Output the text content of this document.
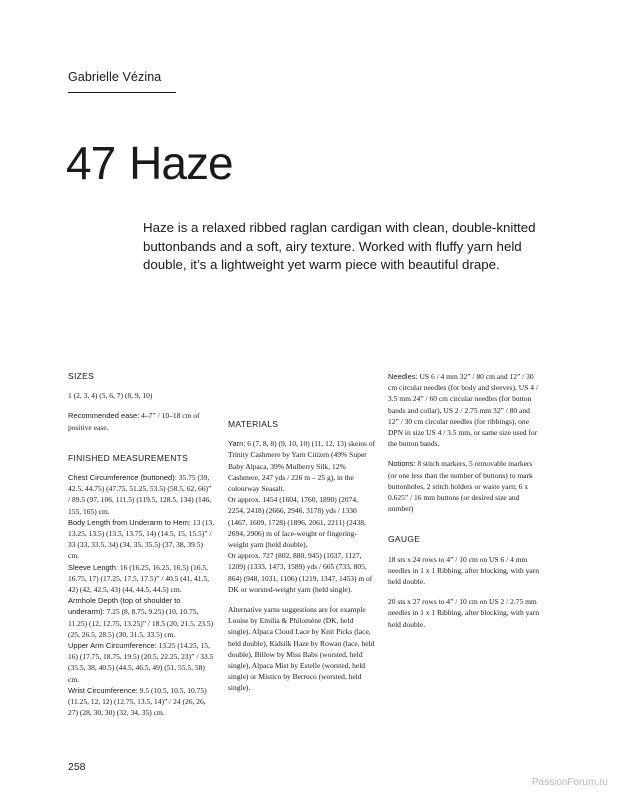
Gabrielle Vézina
47 Haze

Haze is a relaxed ribbed raglan cardigan with clean, double-knitted buttonbands and a soft, airy texture. Worked with fluffy yarn held double, it’s a lightweight yet warm piece with beautiful drape.

SIZES

1 (2, 3, 4) (5, 6, 7) (8, 9, 10)

Recommended ease: 4–7” / 10–18 cm of positive ease.

FINISHED MEASUREMENTS

Chest Circumference (buttoned): 35.75 (39, 42.5, 44.75) (47.75, 51.25, 53.5) (58.5, 62, 66)” / 89.5 (97, 106, 111.5) (119.5, 128.5, 134) (146, 155, 165) cm.

Body Length from Underarm to Hem: 13 (13, 13.25, 13.5) (13.5, 13.75, 14) (14.5, 15, 15.5)” / 33 (33, 33.5, 34) (34, 35, 35.5) (37, 38, 39.5) cm.

Sleeve Length: 16 (16.25, 16.25, 16.5) (16.5, 16.75, 17) (17.25, 17.5, 17.5)” / 40.5 (41, 41.5, 42) (42, 42.5, 43) (44, 44.5, 44.5) cm.

Armhole Depth (top of shoulder to underarm): 7.25 (8, 8.75, 9.25) (10, 10.75, 11.25) (12, 12.75, 13.25)” / 18.5 (20, 21.5, 23.5) (25, 26.5, 28.5) (30, 31.5, 33.5) cm.

Upper Arm Circumference: 13.25 (14.25, 15, 16) (17.75, 18.75, 19.5) (20.5, 22.25, 23)” / 33.5 (35.5, 38, 40.5) (44.5, 46.5, 49) (51, 55.5, 58) cm.

Wrist Circumference: 9.5 (10.5, 10.5, 10.75) (11.25, 12, 12) (12.75, 13.5, 14)” / 24 (26, 26, 27) (28, 30, 30) (32, 34, 35) cm.

MATERIALS

Yarn: 6 (7, 8, 8) (9, 10, 10) (11, 12, 13) skeins of Trinity Cashmere by Yarn Citizen (49% Super Baby Alpaca, 39% Mulberry Silk, 12% Cashmere, 247 yds / 226 m – 25 g), in the colourway Seasalt.

Or approx. 1454 (1604, 1760, 1890) (2074, 2254, 2418) (2666, 2946, 3178) yds / 1330 (1467, 1609, 1728) (1896, 2061, 2211) (2438, 2694, 2906) m of lace-weight or fingering-weight yarn (held double).

Or approx. 727 (802, 880, 945) (1037, 1127, 1209) (1333, 1473, 1589) yds / 665 (733, 805, 864) (948, 1031, 1106) (1219, 1347, 1453) m of DK or worsted-weight yarn (held single).

Alternative yarns suggestions are for example Louise by Emilia & Philomène (DK, held single), Alpaca Cloud Lace by Knit Picks (lace, held double), Kidsilk Haze by Rowan (lace, held double), Billow by Miss Babs (worsted, held single), Alpaca Mist by Estelle (worsted, held single) or Mistico by Berroco (worsted, held single).

Needles: US 6 / 4 mm 32” / 80 cm and 12” / 30 cm circular needles (for body and sleeves), US 4 / 3.5 mm 24” / 60 cm circular needles (for button bands and collar), US 2 / 2.75 mm 32” / 80 and 12” / 30 cm circular needles (for ribbings), one DPN in size US 4 / 3.5 mm, or same size used for the button bands.

Notions: 8 stitch markers, 5 removable markers (or one less than the number of buttons) to mark buttonholes, 2 stitch holders or waste yarn; 6 x 0.625” / 16 mm buttons (or desired size and number)

GAUGE

18 sts x 24 rows to 4” / 10 cm on US 6 / 4 mm needles in 1 x 1 Ribbing, after blocking, with yarn held double.

20 sts x 27 rows to 4” / 10 cm on US 2 / 2.75 mm needles in 1 x 1 Ribbing, after blocking, with yarn held double.

258
PassionForum.ru
